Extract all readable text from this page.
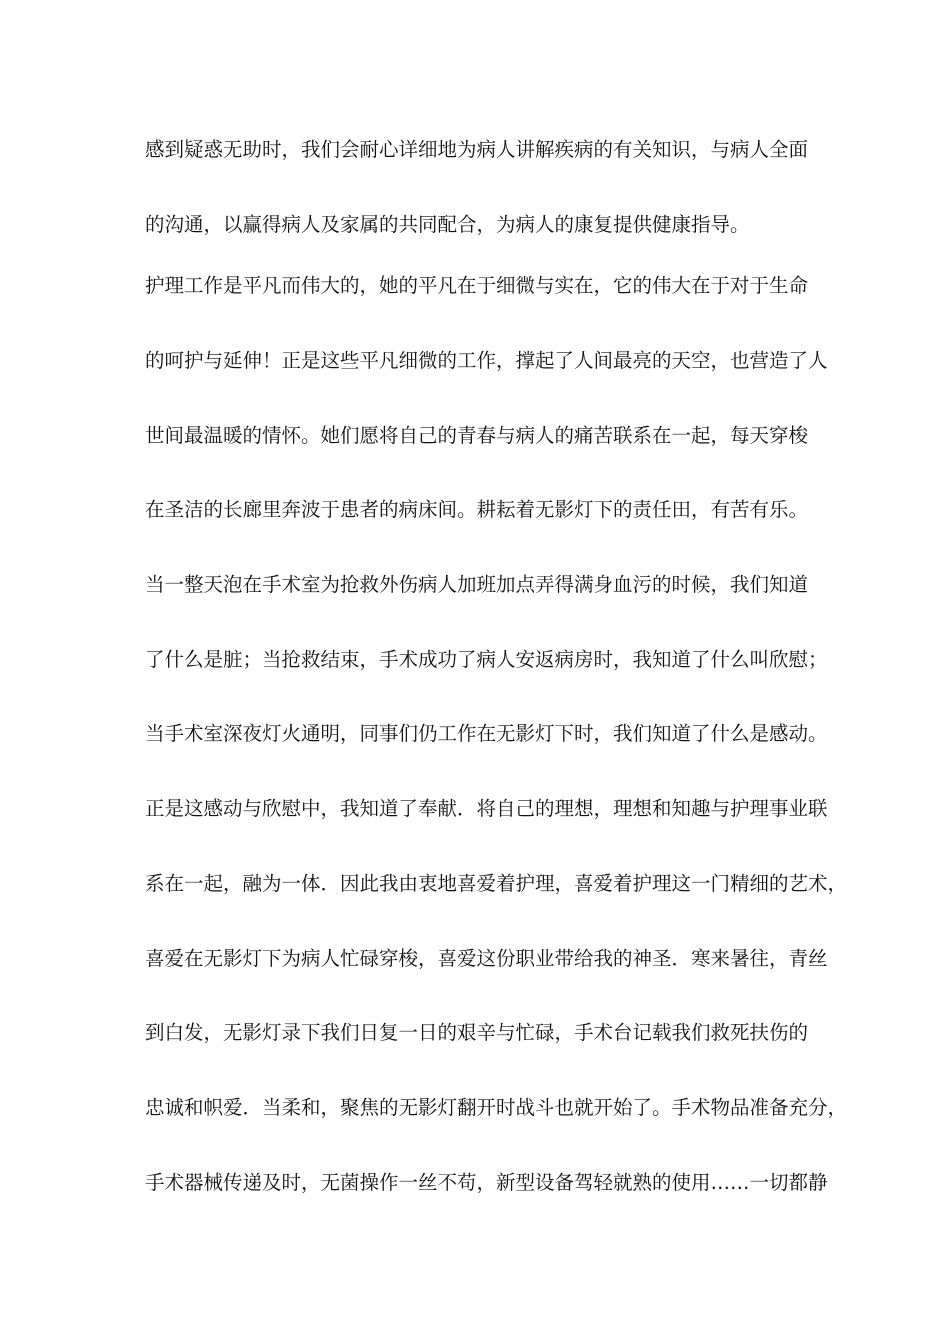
感到疑惑无助时，我们会耐心详细地为病人讲解疾病的有关知识，与病人全面

的沟通，以赢得病人及家属的共同配合，为病人的康复提供健康指导。

护理工作是平凡而伟大的，她的平凡在于细微与实在，它的伟大在于对于生命

的呵护与延伸！正是这些平凡细微的工作，撑起了人间最亮的天空，也营造了人

世间最温暖的情怀。她们愿将自己的青春与病人的痛苦联系在一起，每天穿梭

在圣洁的长廊里奔波于患者的病床间。耕耘着无影灯下的责任田，有苦有乐。

当一整天泡在手术室为抢救外伤病人加班加点弄得满身血污的时候，我们知道

了什么是脏；当抢救结束，手术成功了病人安返病房时，我知道了什么叫欣慰；

当手术室深夜灯火通明，同事们仍工作在无影灯下时，我们知道了什么是感动。

正是这感动与欣慰中，我知道了奉献．将自己的理想，理想和知趣与护理事业联

系在一起，融为一体．因此我由衷地喜爱着护理，喜爱着护理这一门精细的艺术，

喜爱在无影灯下为病人忙碌穿梭，喜爱这份职业带给我的神圣．寒来暑往，青丝

到白发，无影灯录下我们日复一日的艰辛与忙碌，手术台记载我们救死扶伤的

忠诚和帜爱．当柔和，聚焦的无影灯翻开时战斗也就开始了。手术物品准备充分，

手术器械传递及时，无菌操作一丝不苟，新型设备驾轻就熟的使用……一切都静
